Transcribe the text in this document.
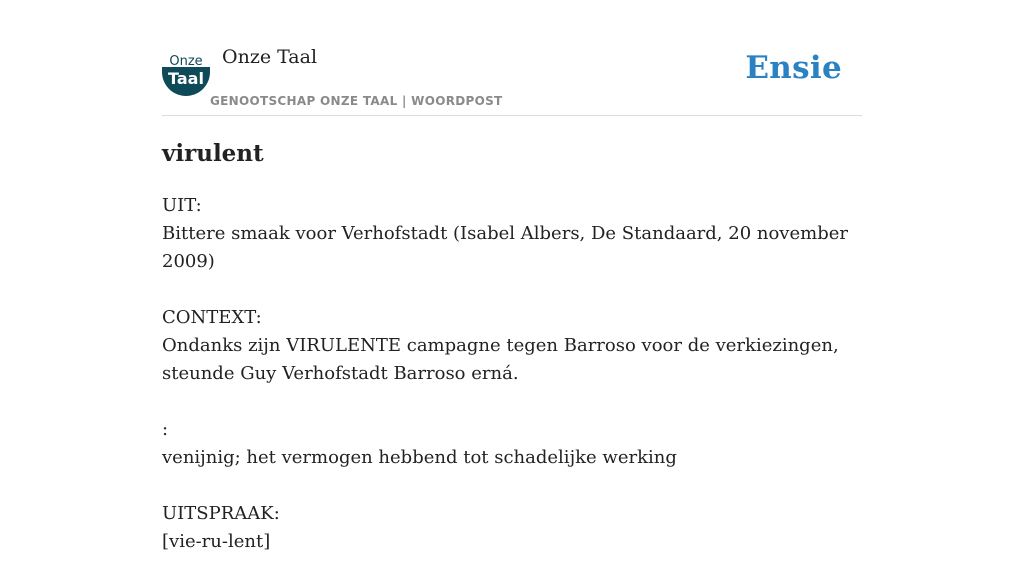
Onze
Taal
Onze Taal
GENOOTSCHAP ONZE TAAL | WOORDPOST
Ensie
virulent

UIT:

Bittere smaak voor Verhofstadt (Isabel Albers, De Standaard, 20 november 2009)

CONTEXT:

Ondanks zijn VIRULENTE campagne tegen Barroso voor de verkiezingen, steunde Guy Verhofstadt Barroso erná.

:

venijnig; het vermogen hebbend tot schadelijke werking

UITSPRAAK:

[vie-ru-lent]
